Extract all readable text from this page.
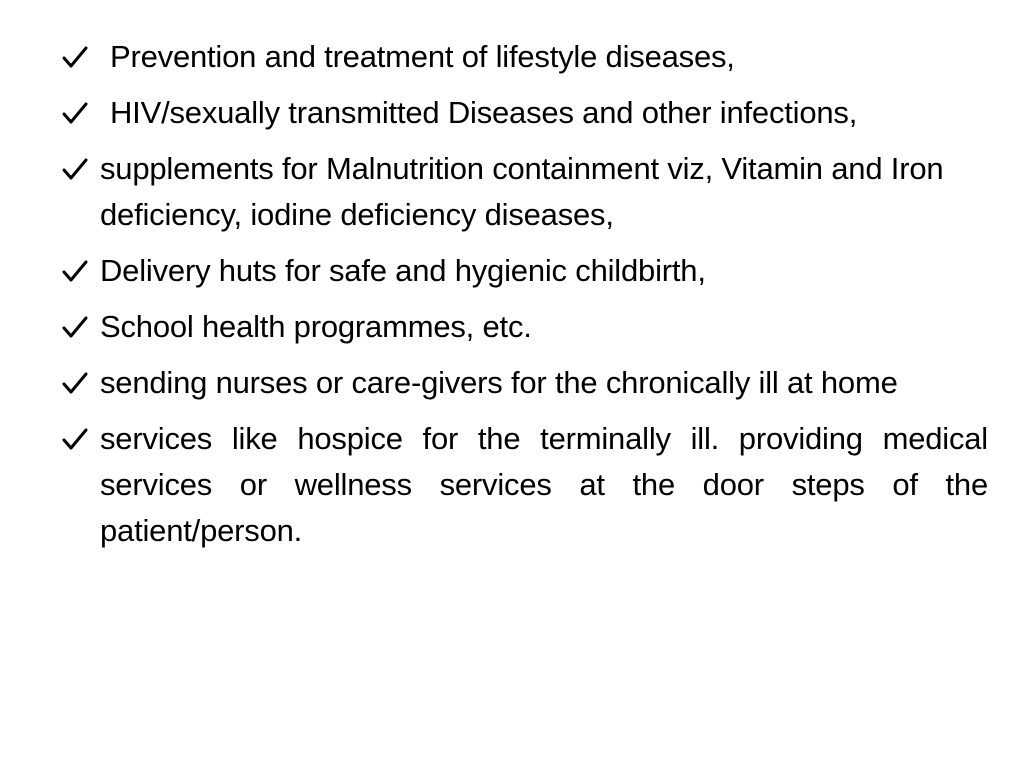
Prevention and treatment of lifestyle diseases,
HIV/sexually transmitted Diseases and other infections,
supplements for Malnutrition containment viz, Vitamin and Iron deficiency, iodine deficiency diseases,
Delivery huts for safe and hygienic childbirth,
School health programmes, etc.
sending nurses or care-givers for the chronically ill at home
services like hospice for the terminally ill. providing medical services or wellness services at the door steps of the patient/person.
